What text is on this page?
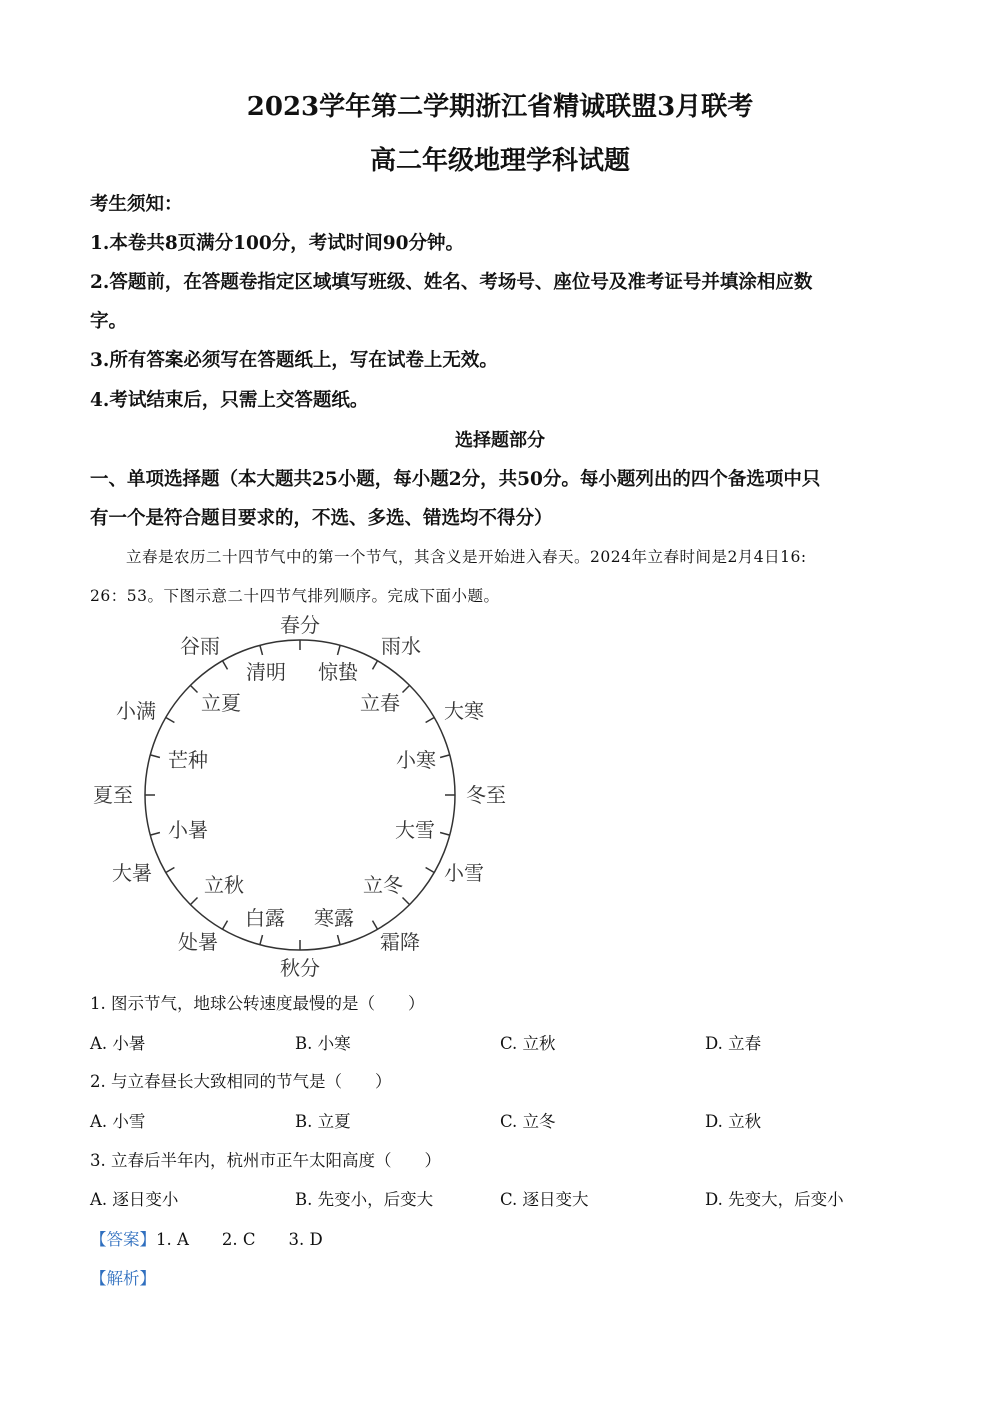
2023学年第二学期浙江省精诚联盟3月联考
高二年级地理学科试题
考生须知：
1.本卷共8页满分100分，考试时间90分钟。
2.答题前，在答题卷指定区域填写班级、姓名、考场号、座位号及准考证号并填涂相应数
字。
3.所有答案必须写在答题纸上，写在试卷上无效。
4.考试结束后，只需上交答题纸。
选择题部分
一、单项选择题（本大题共25小题，每小题2分，共50分。每小题列出的四个备选项中只
有一个是符合题目要求的，不选、多选、错选均不得分）
立春是农历二十四节气中的第一个节气，其含义是开始进入春天。2024年立春时间是2月4日16:
26：53。下图示意二十四节气排列顺序。完成下面小题。
春分
雨水
大寒
冬至
小雪
霜降
秋分
处暑
大暑
夏至
小满
谷雨
惊蛰
立春
小寒
大雪
立冬
寒露
白露
立秋
小暑
芒种
立夏
清明
1. 图示节气，地球公转速度最慢的是（　　）
A. 小暑	B. 小寒	C. 立秋	D. 立春
2. 与立春昼长大致相同的节气是（　　）
A. 小雪	B. 立夏	C. 立冬	D. 立秋
3. 立春后半年内，杭州市正午太阳高度（　　）
A. 逐日变小	B. 先变小，后变大	C. 逐日变大	D. 先变大，后变小
【答案】1. A　　2. C　　3. D
【解析】
